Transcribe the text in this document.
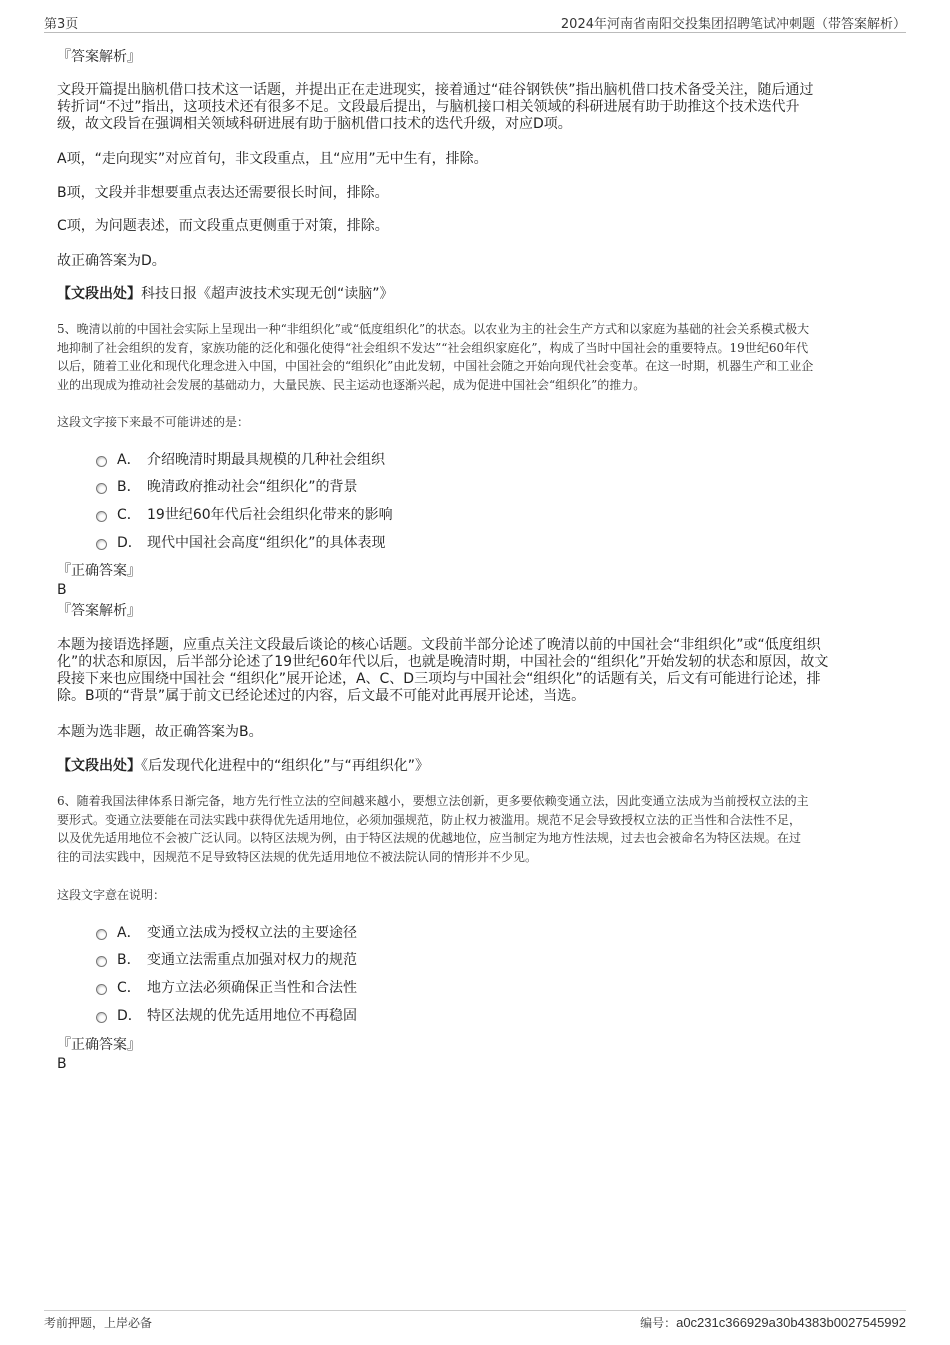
第3页	2024年河南省南阳交投集团招聘笔试冲刺题（带答案解析）
『答案解析』
文段开篇提出脑机借口技术这一话题，并提出正在走进现实，接着通过“硅谷钢铁侠”指出脑机借口技术备受关注，随后通过
转折词“不过”指出，这项技术还有很多不足。文段最后提出，与脑机接口相关领域的科研进展有助于助推这个技术迭代升
级，故文段旨在强调相关领域科研进展有助于脑机借口技术的迭代升级，对应D项。
A项，“走向现实”对应首句，非文段重点，且“应用”无中生有，排除。
B项，文段并非想要重点表达还需要很长时间，排除。
C项，为问题表述，而文段重点更侧重于对策，排除。
故正确答案为D。
【文段出处】科技日报《超声波技术实现无创“读脑”》
5、晚清以前的中国社会实际上呈现出一种“非组织化”或“低度组织化”的状态。以农业为主的社会生产方式和以家庭为基础的社会关系模式极大
地抑制了社会组织的发育，家族功能的泛化和强化使得“社会组织不发达”“社会组织家庭化”，构成了当时中国社会的重要特点。19世纪60年代
以后，随着工业化和现代化理念进入中国，中国社会的“组织化”由此发轫，中国社会随之开始向现代社会变革。在这一时期，机器生产和工业企
业的出现成为推动社会发展的基础动力，大量民族、民主运动也逐渐兴起，成为促进中国社会“组织化”的推力。
这段文字接下来最不可能讲述的是：
A． 介绍晚清时期最具规模的几种社会组织
B． 晚清政府推动社会“组织化”的背景
C． 19世纪60年代后社会组织化带来的影响
D． 现代中国社会高度“组织化”的具体表现
『正确答案』
B
『答案解析』
本题为接语选择题，应重点关注文段最后谈论的核心话题。文段前半部分论述了晚清以前的中国社会“非组织化”或“低度组织
化”的状态和原因，后半部分论述了19世纪60年代以后，也就是晚清时期，中国社会的“组织化”开始发轫的状态和原因，故文
段接下来也应围绕中国社会 “组织化”展开论述，A、C、D三项均与中国社会“组织化”的话题有关，后文有可能进行论述，排
除。B项的“背景”属于前文已经论述过的内容，后文最不可能对此再展开论述，当选。
本题为选非题，故正确答案为B。
【文段出处】《后发现代化进程中的“组织化”与“再组织化”》
6、随着我国法律体系日渐完备，地方先行性立法的空间越来越小，要想立法创新，更多要依赖变通立法，因此变通立法成为当前授权立法的主
要形式。变通立法要能在司法实践中获得优先适用地位，必须加强规范，防止权力被滥用。规范不足会导致授权立法的正当性和合法性不足，
以及优先适用地位不会被广泛认同。以特区法规为例，由于特区法规的优越地位，应当制定为地方性法规，过去也会被命名为特区法规。在过
往的司法实践中，因规范不足导致特区法规的优先适用地位不被法院认同的情形并不少见。
这段文字意在说明：
A． 变通立法成为授权立法的主要途径
B． 变通立法需重点加强对权力的规范
C． 地方立法必须确保正当性和合法性
D． 特区法规的优先适用地位不再稳固
『正确答案』
B
考前押题，上岸必备	编号：a0c231c366929a30b4383b0027545992
